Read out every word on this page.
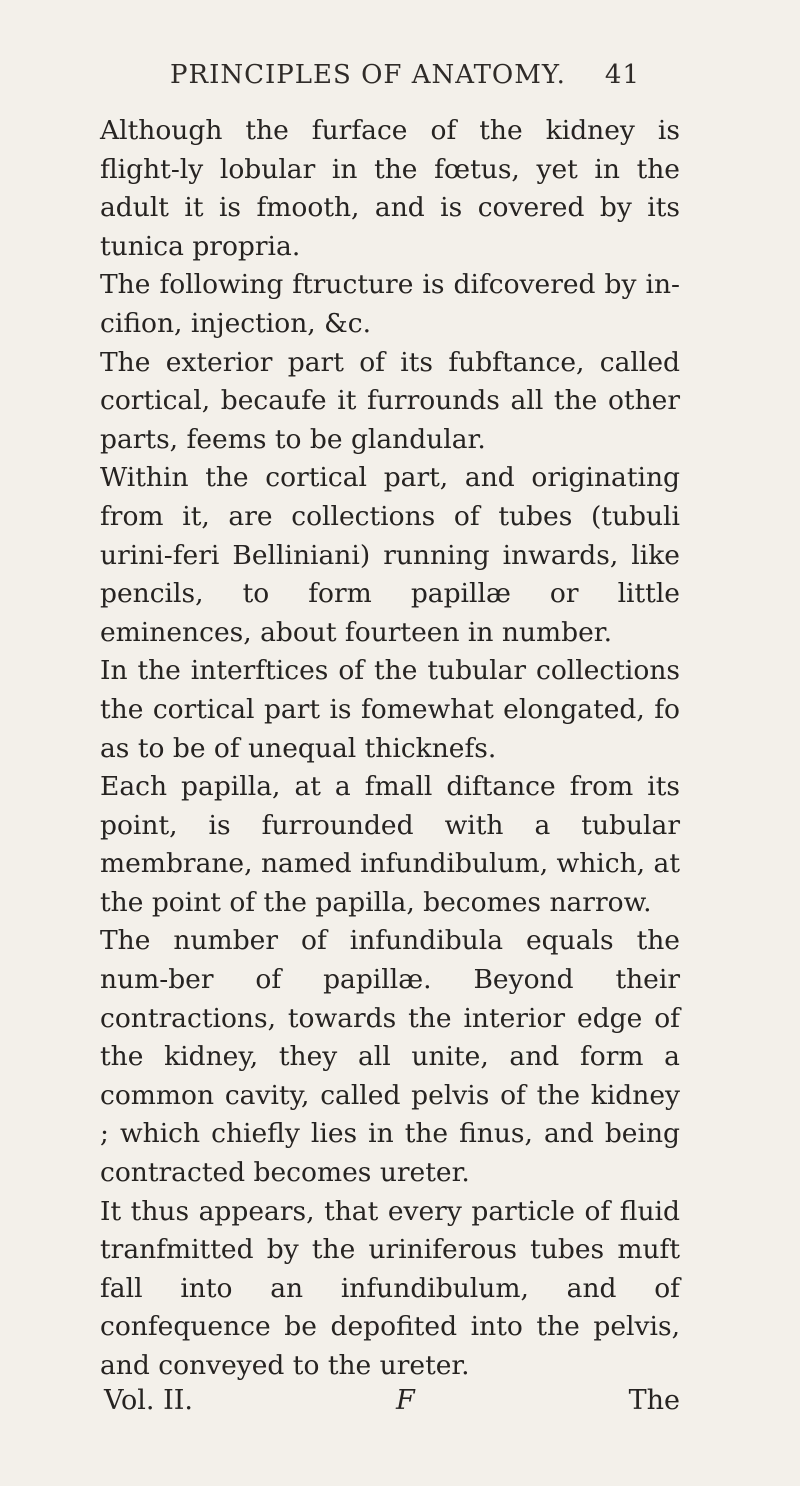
PRINCIPLES OF ANATOMY. 41

Although the furface of the kidney is flight-ly lobular in the fœtus, yet in the adult it is fmooth, and is covered by its tunica propria.

The following ftructure is difcovered by in-cifion, injection, &c.

The exterior part of its fubftance, called cortical, becaufe it furrounds all the other parts, feems to be glandular.

Within the cortical part, and originating from it, are collections of tubes (tubuli urini-feri Belliniani) running inwards, like pencils, to form papillæ or little eminences, about fourteen in number.

In the interftices of the tubular collections the cortical part is fomewhat elongated, fo as to be of unequal thicknefs.

Each papilla, at a fmall diftance from its point, is furrounded with a tubular membrane, named infundibulum, which, at the point of the papilla, becomes narrow.

The number of infundibula equals the num-ber of papillæ. Beyond their contractions, towards the interior edge of the kidney, they all unite, and form a common cavity, called pelvis of the kidney ; which chiefly lies in the finus, and being contracted becomes ureter.

It thus appears, that every particle of fluid tranfmitted by the uriniferous tubes muft fall into an infundibulum, and of confequence be depofited into the pelvis, and conveyed to the ureter.

Vol. II.	F	The
